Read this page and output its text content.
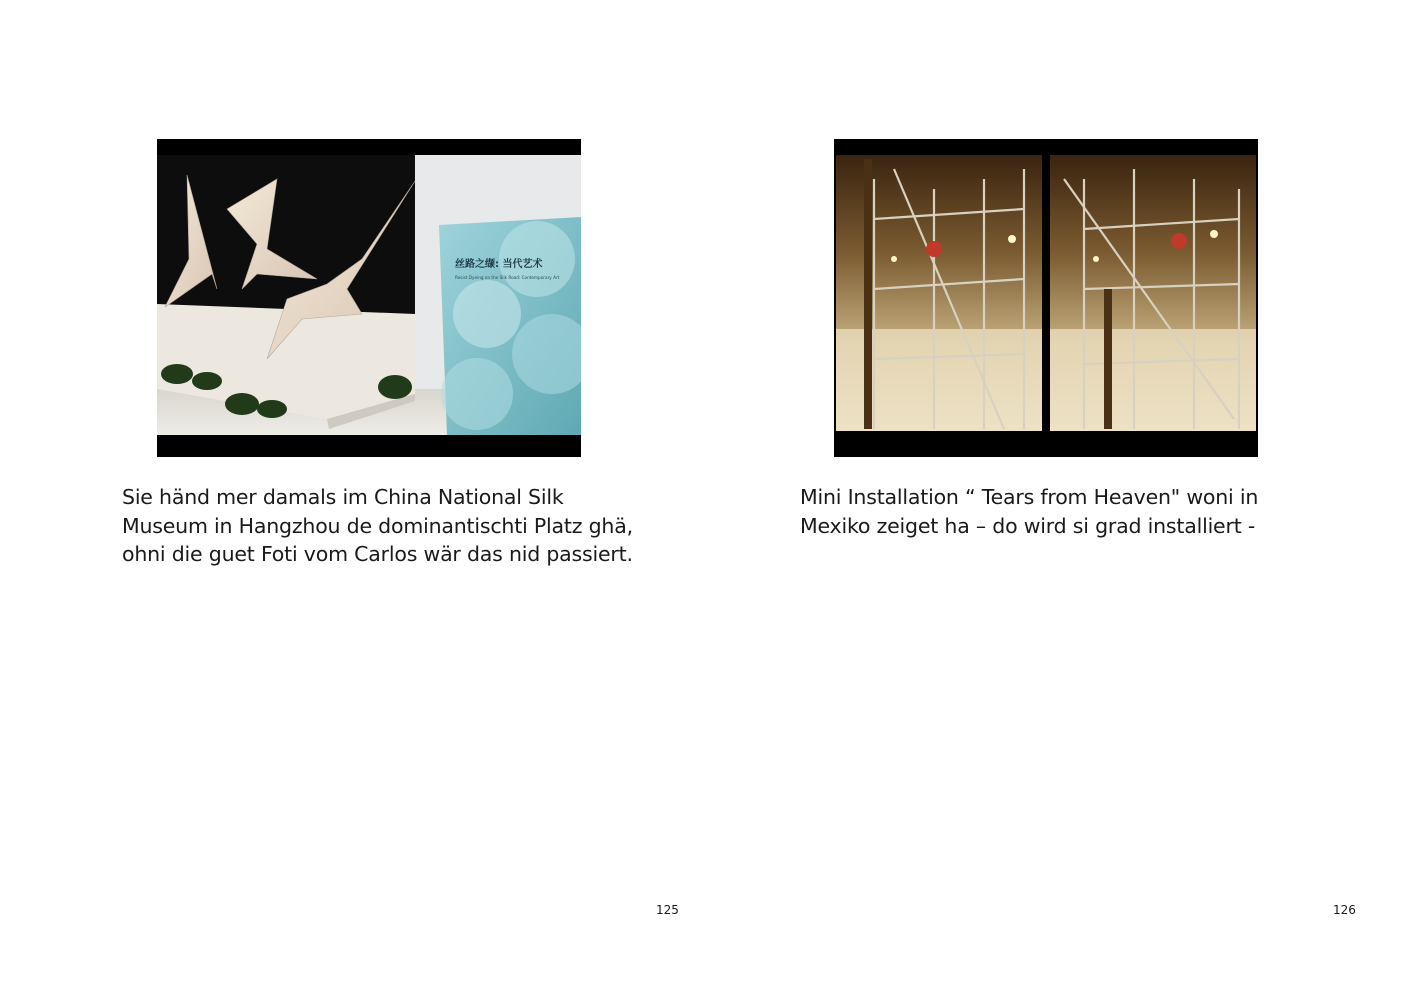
丝路之缬: 当代艺术
Resist Dyeing on the Silk Road: Contemporary Art
Sie händ mer damals im China National Silk
Museum in Hangzhou de dominantischti Platz ghä,
ohni die guet Foti vom Carlos wär das nid passiert.
125
Mini Installation “ Tears from Heaven" woni in
Mexiko zeiget ha – do wird si grad installiert -
126
